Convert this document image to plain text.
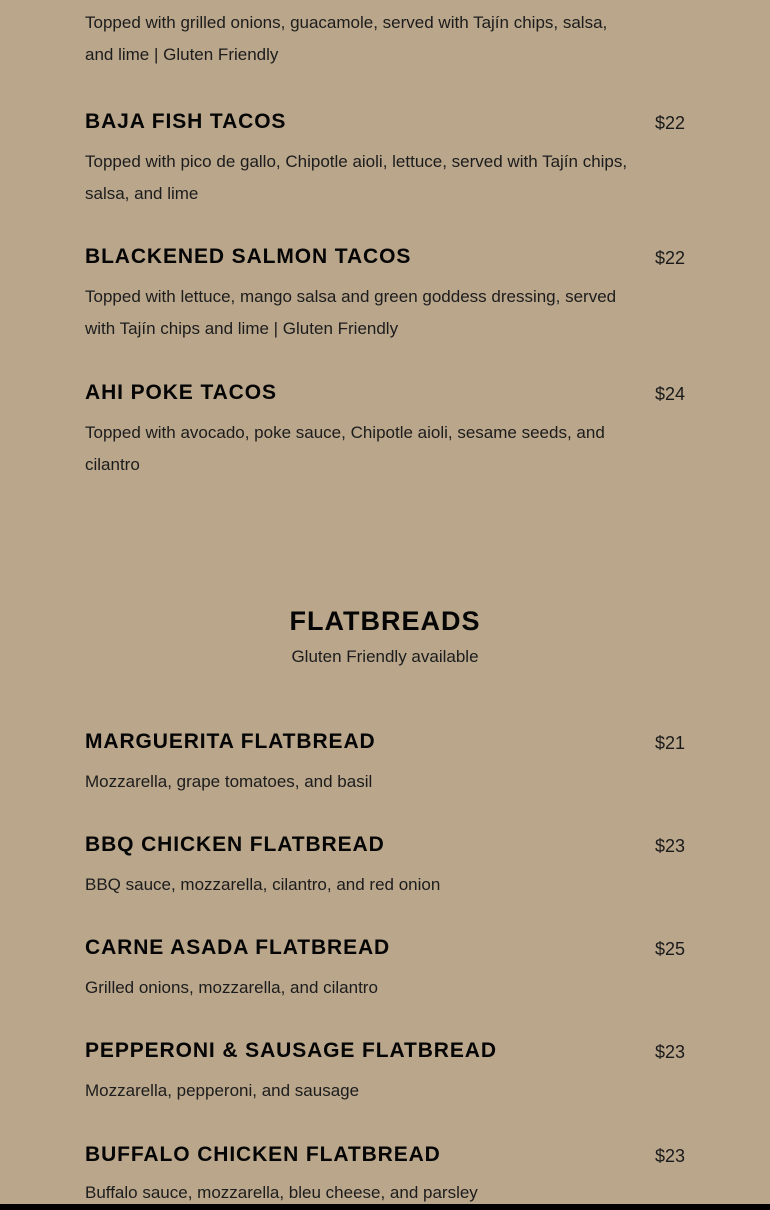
Topped with grilled onions, guacamole, served with Tajín chips, salsa, and lime | Gluten Friendly
BAJA FISH TACOS	$22
Topped with pico de gallo, Chipotle aioli, lettuce, served with Tajín chips, salsa, and lime
BLACKENED SALMON TACOS	$22
Topped with lettuce, mango salsa and green goddess dressing, served with Tajín chips and lime | Gluten Friendly
AHI POKE TACOS	$24
Topped with avocado, poke sauce, Chipotle aioli, sesame seeds, and cilantro
FLATBREADS
Gluten Friendly available
MARGUERITA FLATBREAD	$21
Mozzarella, grape tomatoes, and basil
BBQ CHICKEN FLATBREAD	$23
BBQ sauce, mozzarella, cilantro, and red onion
CARNE ASADA FLATBREAD	$25
Grilled onions, mozzarella, and cilantro
PEPPERONI & SAUSAGE FLATBREAD	$23
Mozzarella, pepperoni, and sausage
BUFFALO CHICKEN FLATBREAD	$23
Buffalo sauce, mozzarella, bleu cheese, and parsley
